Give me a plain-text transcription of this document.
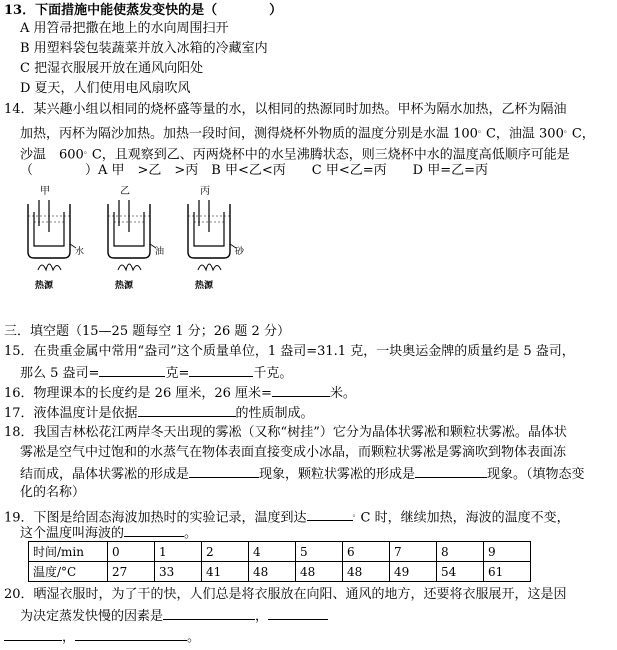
13．下面措施中能使蒸发变快的是（　　　　）
A 用笤帚把撒在地上的水向周围扫开
B 用塑料袋包装蔬菜并放入冰箱的冷藏室内
C 把湿衣服展开放在通风向阳处
D 夏天，人们使用电风扇吹风
14．某兴趣小组以相同的烧杯盛等量的水，以相同的热源同时加热。甲杯为隔水加热，乙杯为隔油
加热，丙杯为隔沙加热。加热一段时间，测得烧杯外物质的温度分别是水温 100。C，油温 300。C，
沙温　600。C，且观察到乙、丙两烧杯中的水呈沸腾状态，则三烧杯中水的温度高低顺序可能是
（　　　　）A 甲　>乙　>丙　B 甲<乙<丙　　C 甲<乙=丙　　D 甲=乙=丙
甲
水
热源
乙
油
热源
丙
砂
热源
三．填空题（15—25 题每空 1 分；26 题 2 分）
15．在贵重金属中常用“盎司”这个质量单位，1 盎司=31.1 克，一块奥运金牌的质量约是 5 盎司，
那么 5 盎司=	克=	千克。
16．物理课本的长度约是 26 厘米，26 厘米=	米。
17．液体温度计是依据	的性质制成。
18．我国吉林松花江两岸冬天出现的雾凇（又称“树挂”）它分为晶体状雾凇和颗粒状雾凇。晶体状
雾凇是空气中过饱和的水蒸气在物体表面直接变成小冰晶，而颗粒状雾凇是雾滴吹到物体表面冻
结而成，晶体状雾凇的形成是	现象，颗粒状雾凇的形成是	现象。（填物态变
化的名称）
19．下图是给固态海波加热时的实验记录，温度到达	。C 时，继续加热，海波的温度不变，
这个温度叫海波的	。
时间/min	0	1	2	4	5	6	7	8	9
温度/°C	27	33	41	48	48	48	49	54	61
20．晒湿衣服时，为了干的快，人们总是将衣服放在向阳、通风的地方，还要将衣服展开，这是因
为决定蒸发快慢的因素是	，
，	。
